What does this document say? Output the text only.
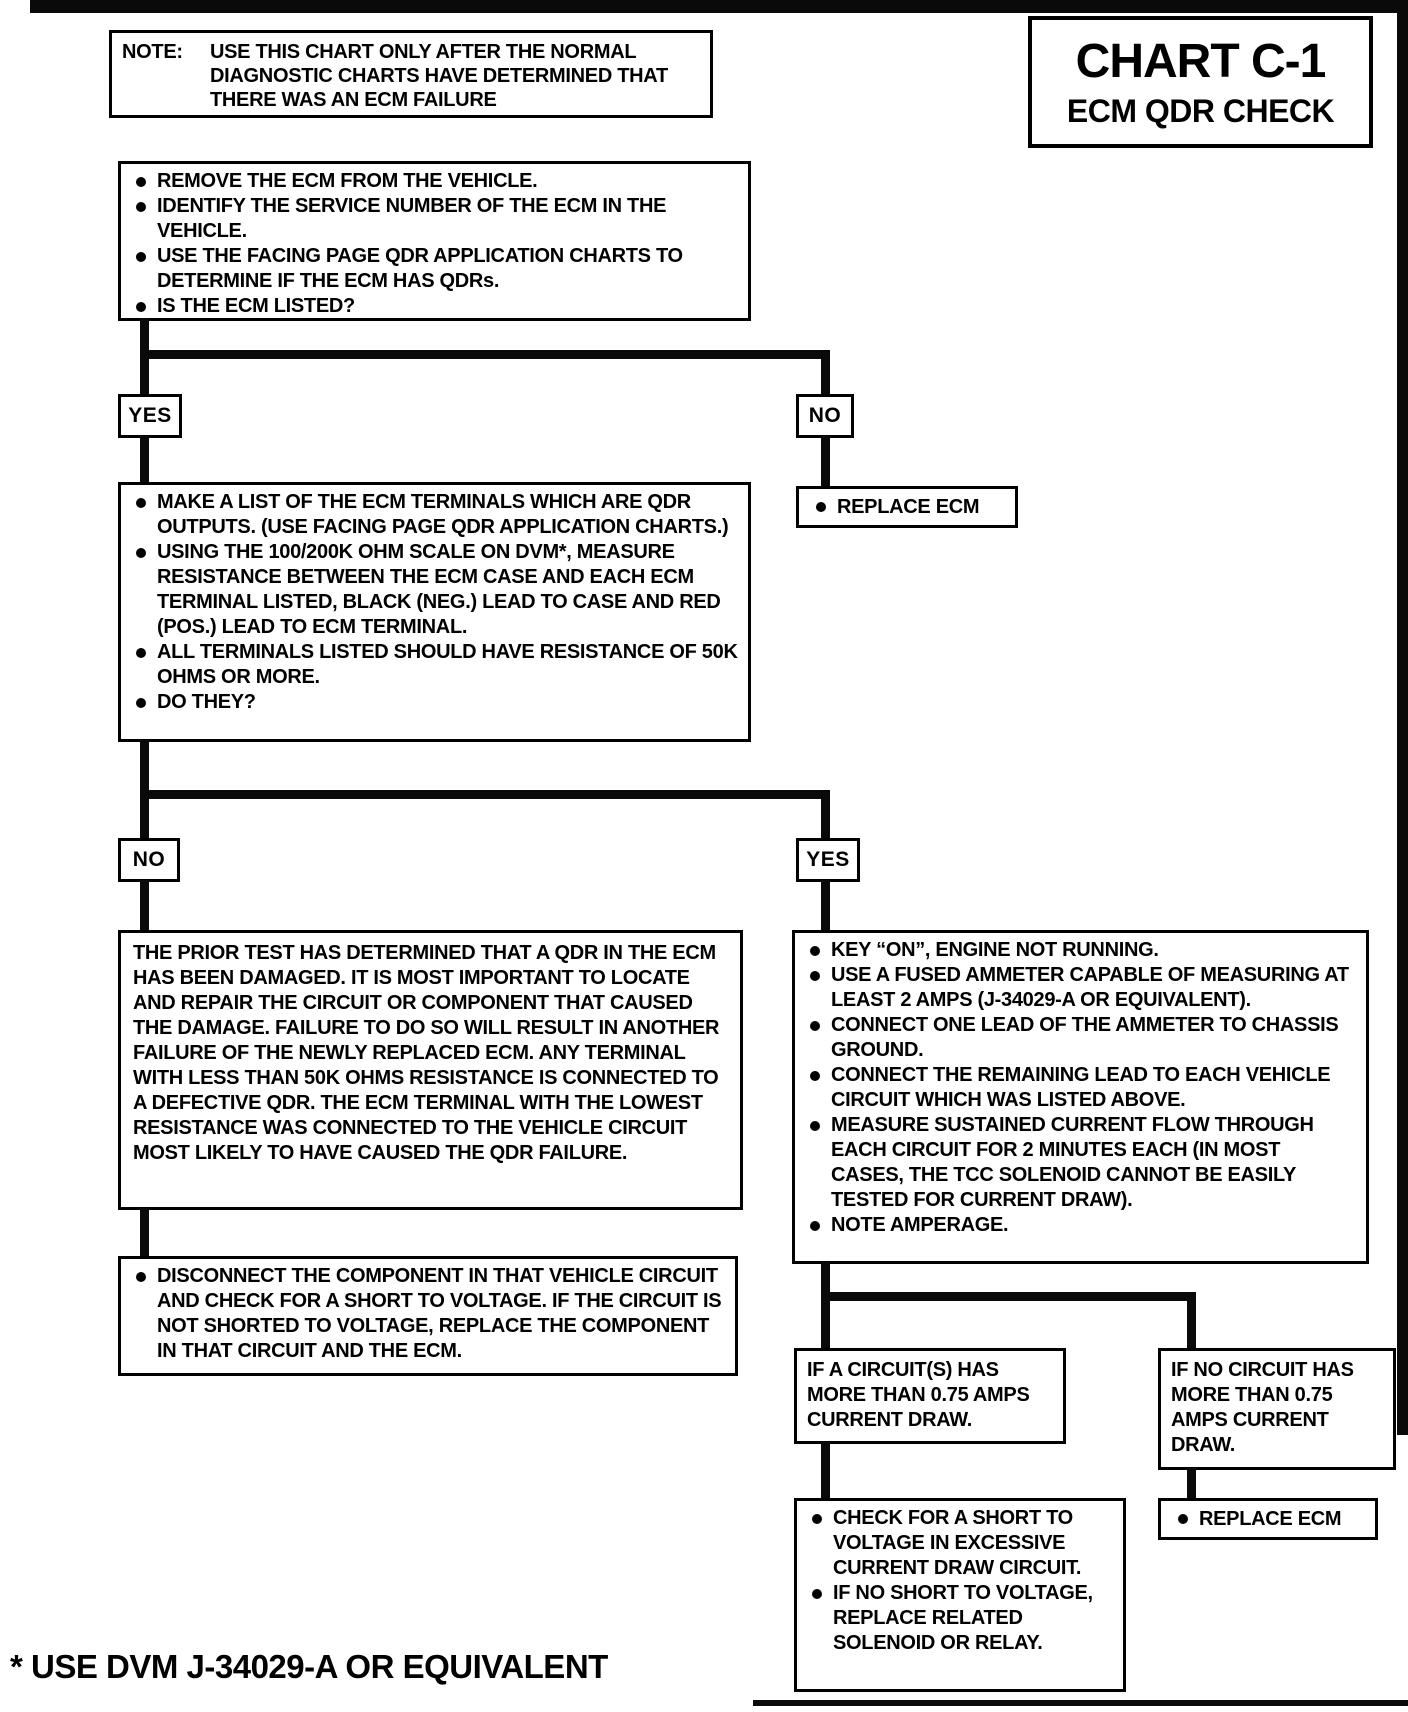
NOTE:	USE THIS CHART ONLY AFTER THE NORMAL DIAGNOSTIC CHARTS HAVE DETERMINED THAT THERE WAS AN ECM FAILURE
CHART C-1
ECM QDR CHECK
REMOVE THE ECM FROM THE VEHICLE.
IDENTIFY THE SERVICE NUMBER OF THE ECM IN THE VEHICLE.
USE THE FACING PAGE QDR APPLICATION CHARTS TO DETERMINE IF THE ECM HAS QDRs.
IS THE ECM LISTED?
YES	NO
REPLACE ECM
MAKE A LIST OF THE ECM TERMINALS WHICH ARE QDR OUTPUTS. (USE FACING PAGE QDR APPLICATION CHARTS.)
USING THE 100/200K OHM SCALE ON DVM*, MEASURE RESISTANCE BETWEEN THE ECM CASE AND EACH ECM TERMINAL LISTED, BLACK (NEG.) LEAD TO CASE AND RED (POS.) LEAD TO ECM TERMINAL.
ALL TERMINALS LISTED SHOULD HAVE RESISTANCE OF 50K OHMS OR MORE.
DO THEY?
NO	YES
THE PRIOR TEST HAS DETERMINED THAT A QDR IN THE ECM HAS BEEN DAMAGED. IT IS MOST IMPORTANT TO LOCATE AND REPAIR THE CIRCUIT OR COMPONENT THAT CAUSED THE DAMAGE. FAILURE TO DO SO WILL RESULT IN ANOTHER FAILURE OF THE NEWLY REPLACED ECM. ANY TERMINAL WITH LESS THAN 50K OHMS RESISTANCE IS CONNECTED TO A DEFECTIVE QDR. THE ECM TERMINAL WITH THE LOWEST RESISTANCE WAS CONNECTED TO THE VEHICLE CIRCUIT MOST LIKELY TO HAVE CAUSED THE QDR FAILURE.
DISCONNECT THE COMPONENT IN THAT VEHICLE CIRCUIT AND CHECK FOR A SHORT TO VOLTAGE. IF THE CIRCUIT IS NOT SHORTED TO VOLTAGE, REPLACE THE COMPONENT IN THAT CIRCUIT AND THE ECM.
KEY “ON”, ENGINE NOT RUNNING.
USE A FUSED AMMETER CAPABLE OF MEASURING AT LEAST 2 AMPS (J-34029-A OR EQUIVALENT).
CONNECT ONE LEAD OF THE AMMETER TO CHASSIS GROUND.
CONNECT THE REMAINING LEAD TO EACH VEHICLE CIRCUIT WHICH WAS LISTED ABOVE.
MEASURE SUSTAINED CURRENT FLOW THROUGH EACH CIRCUIT FOR 2 MINUTES EACH (IN MOST CASES, THE TCC SOLENOID CANNOT BE EASILY TESTED FOR CURRENT DRAW).
NOTE AMPERAGE.
IF A CIRCUIT(S) HAS MORE THAN 0.75 AMPS CURRENT DRAW.
IF NO CIRCUIT HAS MORE THAN 0.75 AMPS CURRENT DRAW.
CHECK FOR A SHORT TO VOLTAGE IN EXCESSIVE CURRENT DRAW CIRCUIT.
IF NO SHORT TO VOLTAGE, REPLACE RELATED SOLENOID OR RELAY.
REPLACE ECM
* USE DVM J-34029-A OR EQUIVALENT
